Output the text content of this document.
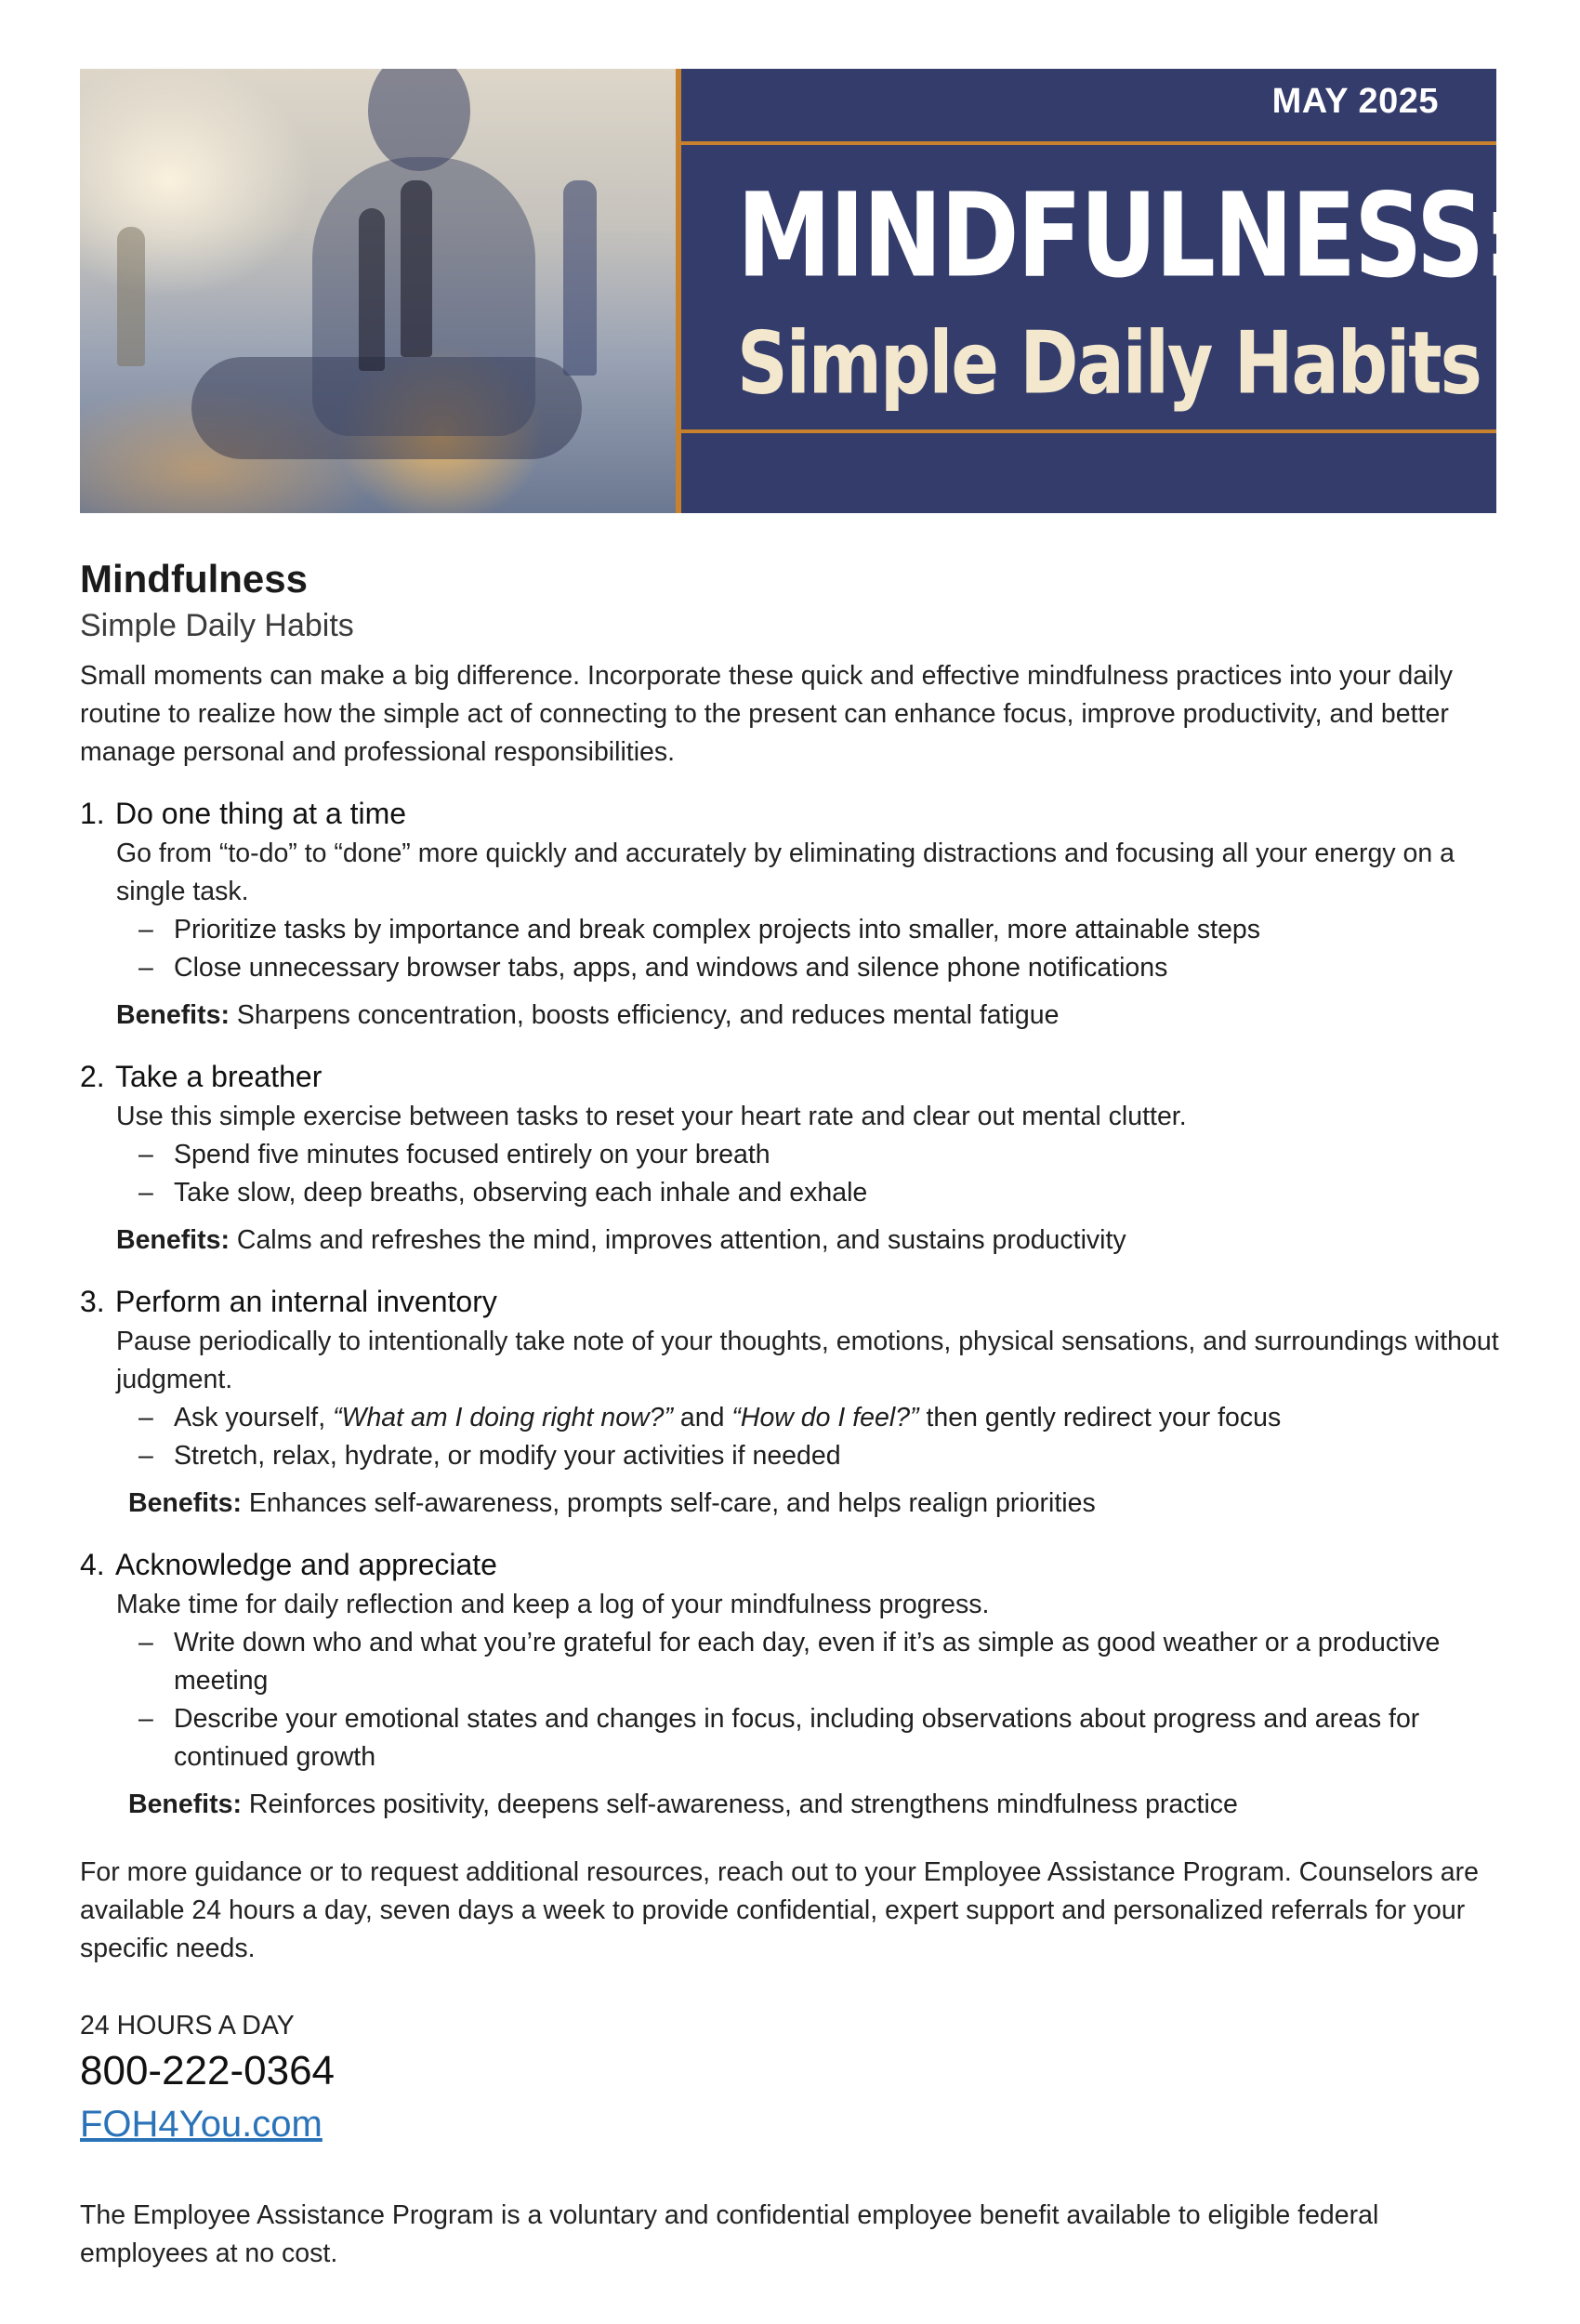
MAY 2025
MINDFULNESS:
Simple Daily Habits
Mindfulness
Simple Daily Habits

Small moments can make a big difference. Incorporate these quick and effective mindfulness practices into your daily routine to realize how the simple act of connecting to the present can enhance focus, improve productivity, and better manage personal and professional responsibilities.

1. Do one thing at a time

Go from “to-do” to “done” more quickly and accurately by eliminating distractions and focusing all your energy on a single task.

– Prioritize tasks by importance and break complex projects into smaller, more attainable steps
– Close unnecessary browser tabs, apps, and windows and silence phone notifications
Benefits: Sharpens concentration, boosts efficiency, and reduces mental fatigue
2. Take a breather

Use this simple exercise between tasks to reset your heart rate and clear out mental clutter.

– Spend five minutes focused entirely on your breath
– Take slow, deep breaths, observing each inhale and exhale
Benefits: Calms and refreshes the mind, improves attention, and sustains productivity
3. Perform an internal inventory

Pause periodically to intentionally take note of your thoughts, emotions, physical sensations, and surroundings without judgment.

– Ask yourself, “What am I doing right now?” and “How do I feel?” then gently redirect your focus
– Stretch, relax, hydrate, or modify your activities if needed
Benefits: Enhances self-awareness, prompts self-care, and helps realign priorities
4. Acknowledge and appreciate

Make time for daily reflection and keep a log of your mindfulness progress.

– Write down who and what you’re grateful for each day, even if it’s as simple as good weather or a productive meeting
– Describe your emotional states and changes in focus, including observations about progress and areas for continued growth
Benefits: Reinforces positivity, deepens self-awareness, and strengthens mindfulness practice

For more guidance or to request additional resources, reach out to your Employee Assistance Program. Counselors are available 24 hours a day, seven days a week to provide confidential, expert support and personalized referrals for your specific needs.

24 HOURS A DAY
800-222-0364
FOH4You.com

The Employee Assistance Program is a voluntary and confidential employee benefit available to eligible federal employees at no cost.
